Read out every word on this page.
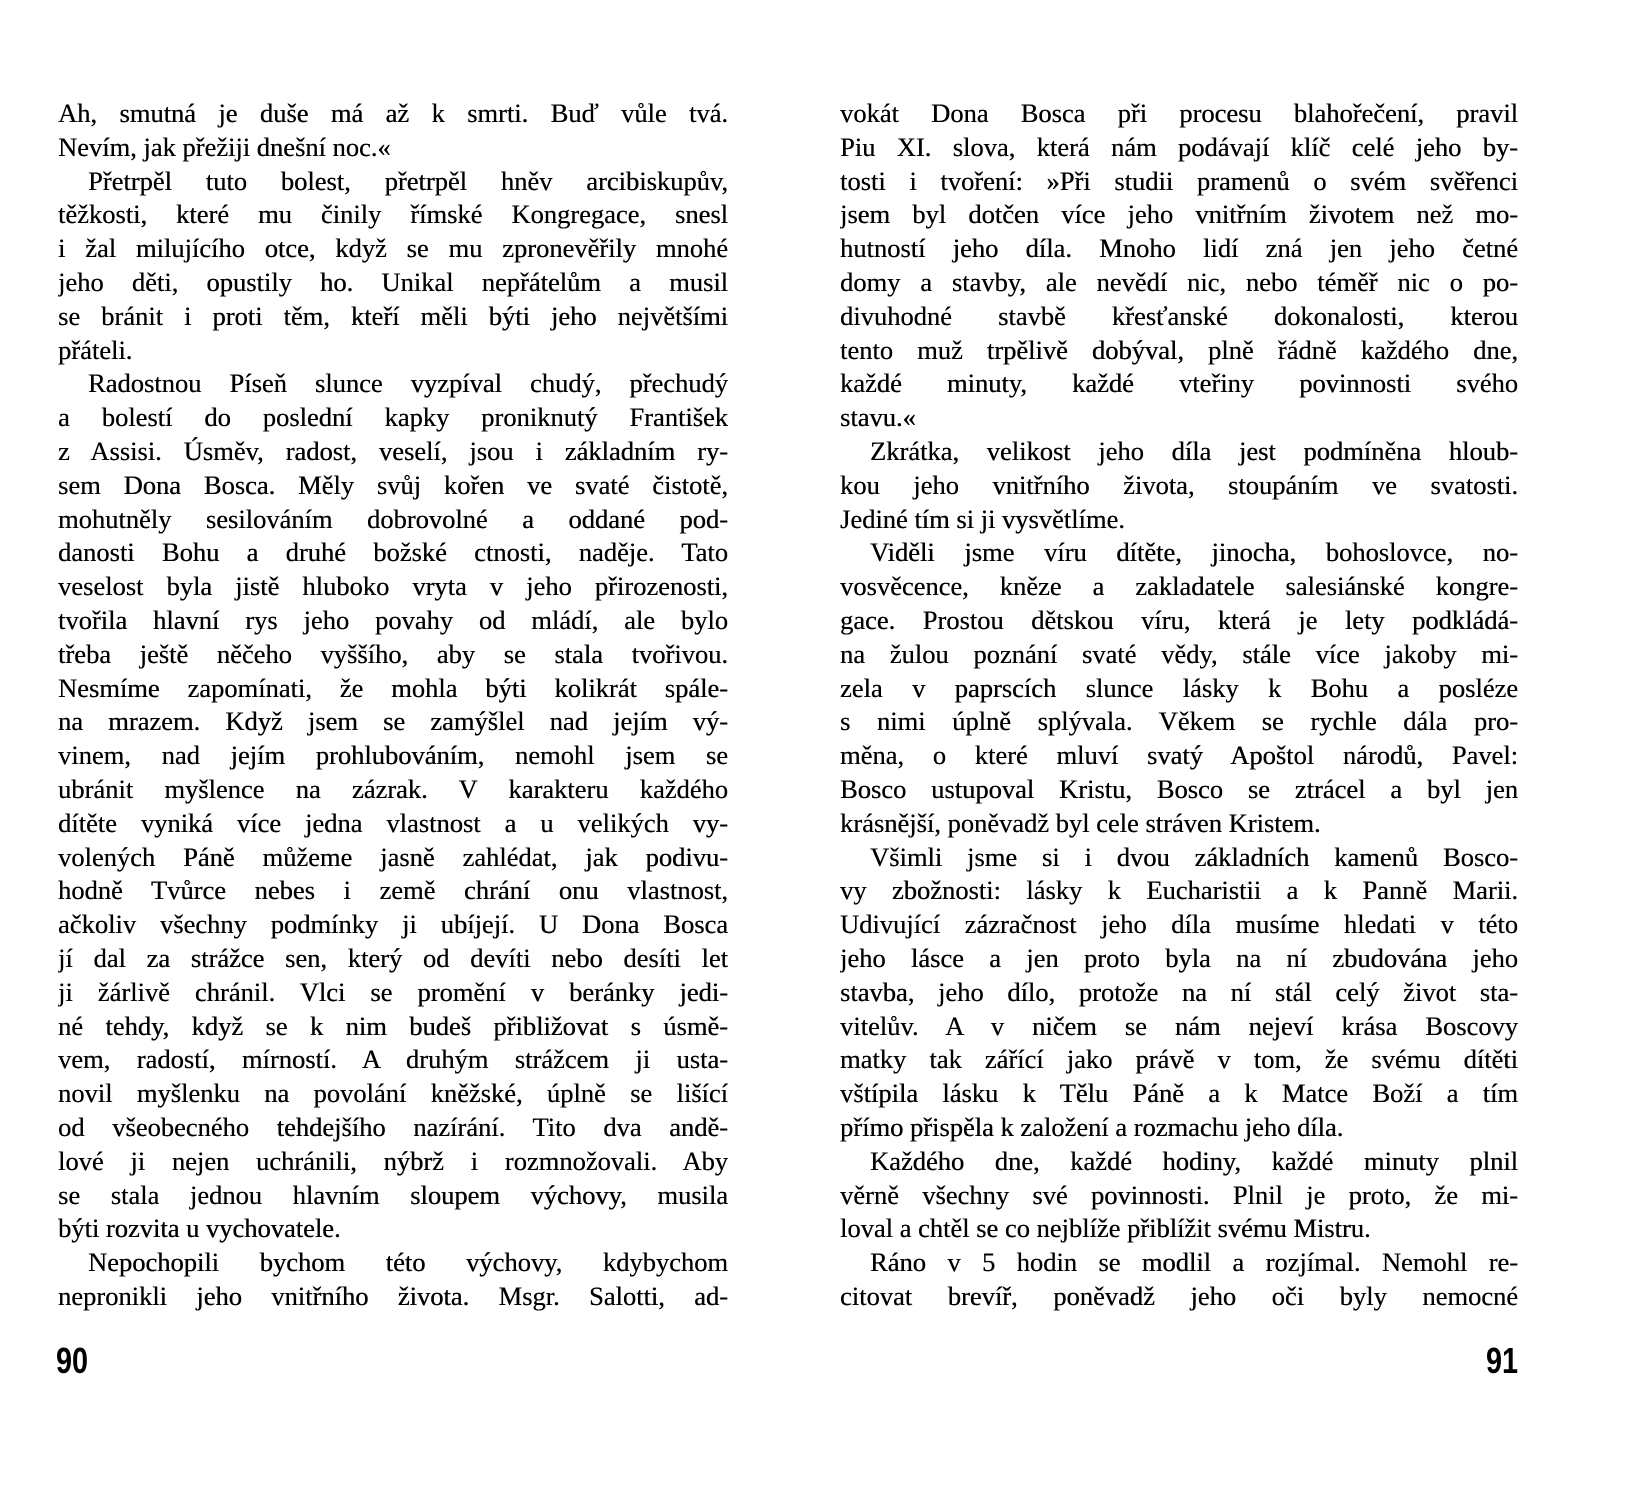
Ah, smutná je duše má až k smrti. Buď vůle tvá.
Nevím, jak přežiji dnešní noc.«
Přetrpěl tuto bolest, přetrpěl hněv arcibiskupův,
těžkosti, které mu činily římské Kongregace, snesl
i žal milujícího otce, když se mu zpronevěřily mnohé
jeho děti, opustily ho. Unikal nepřátelům a musil
se bránit i proti těm, kteří měli býti jeho největšími
přáteli.
Radostnou Píseň slunce vyzpíval chudý, přechudý
a bolestí do poslední kapky proniknutý František
z Assisi. Úsměv, radost, veselí, jsou i základním ry-
sem Dona Bosca. Měly svůj kořen ve svaté čistotě,
mohutněly sesilováním dobrovolné a oddané pod-
danosti Bohu a druhé božské ctnosti, naděje. Tato
veselost byla jistě hluboko vryta v jeho přirozenosti,
tvořila hlavní rys jeho povahy od mládí, ale bylo
třeba ještě něčeho vyššího, aby se stala tvořivou.
Nesmíme zapomínati, že mohla býti kolikrát spále-
na mrazem. Když jsem se zamýšlel nad jejím vý-
vinem, nad jejím prohlubováním, nemohl jsem se
ubránit myšlence na zázrak. V karakteru každého
dítěte vyniká více jedna vlastnost a u velikých vy-
volených Páně můžeme jasně zahlédat, jak podivu-
hodně Tvůrce nebes i země chrání onu vlastnost,
ačkoliv všechny podmínky ji ubíjejí. U Dona Bosca
jí dal za strážce sen, který od devíti nebo desíti let
ji žárlivě chránil. Vlci se promění v beránky jedi-
né tehdy, když se k nim budeš přibližovat s úsmě-
vem, radostí, mírností. A druhým strážcem ji usta-
novil myšlenku na povolání kněžské, úplně se lišící
od všeobecného tehdejšího nazírání. Tito dva andě-
lové ji nejen uchránili, nýbrž i rozmnožovali. Aby
se stala jednou hlavním sloupem výchovy, musila
býti rozvita u vychovatele.
Nepochopili bychom této výchovy, kdybychom
nepronikli jeho vnitřního života. Msgr. Salotti, ad-
vokát Dona Bosca při procesu blahořečení, pravil
Piu XI. slova, která nám podávají klíč celé jeho by-
tosti i tvoření: »Při studii pramenů o svém svěřenci
jsem byl dotčen více jeho vnitřním životem než mo-
hutností jeho díla. Mnoho lidí zná jen jeho četné
domy a stavby, ale nevědí nic, nebo téměř nic o po-
divuhodné stavbě křesťanské dokonalosti, kterou
tento muž trpělivě dobýval, plně řádně každého dne,
každé minuty, každé vteřiny povinnosti svého
stavu.«
Zkrátka, velikost jeho díla jest podmíněna hloub-
kou jeho vnitřního života, stoupáním ve svatosti.
Jediné tím si ji vysvětlíme.
Viděli jsme víru dítěte, jinocha, bohoslovce, no-
vosvěcence, kněze a zakladatele salesiánské kongre-
gace. Prostou dětskou víru, která je lety podkládá-
na žulou poznání svaté vědy, stále více jakoby mi-
zela v paprscích slunce lásky k Bohu a posléze
s nimi úplně splývala. Věkem se rychle dála pro-
měna, o které mluví svatý Apoštol národů, Pavel:
Bosco ustupoval Kristu, Bosco se ztrácel a byl jen
krásnější, poněvadž byl cele stráven Kristem.
Všimli jsme si i dvou základních kamenů Bosco-
vy zbožnosti: lásky k Eucharistii a k Panně Marii.
Udivující zázračnost jeho díla musíme hledati v této
jeho lásce a jen proto byla na ní zbudována jeho
stavba, jeho dílo, protože na ní stál celý život sta-
vitelův. A v ničem se nám nejeví krása Boscovy
matky tak zářící jako právě v tom, že svému dítěti
vštípila lásku k Tělu Páně a k Matce Boží a tím
přímo přispěla k založení a rozmachu jeho díla.
Každého dne, každé hodiny, každé minuty plnil
věrně všechny své povinnosti. Plnil je proto, že mi-
loval a chtěl se co nejblíže přiblížit svému Mistru.
Ráno v 5 hodin se modlil a rozjímal. Nemohl re-
citovat brevíř, poněvadž jeho oči byly nemocné
90	91
